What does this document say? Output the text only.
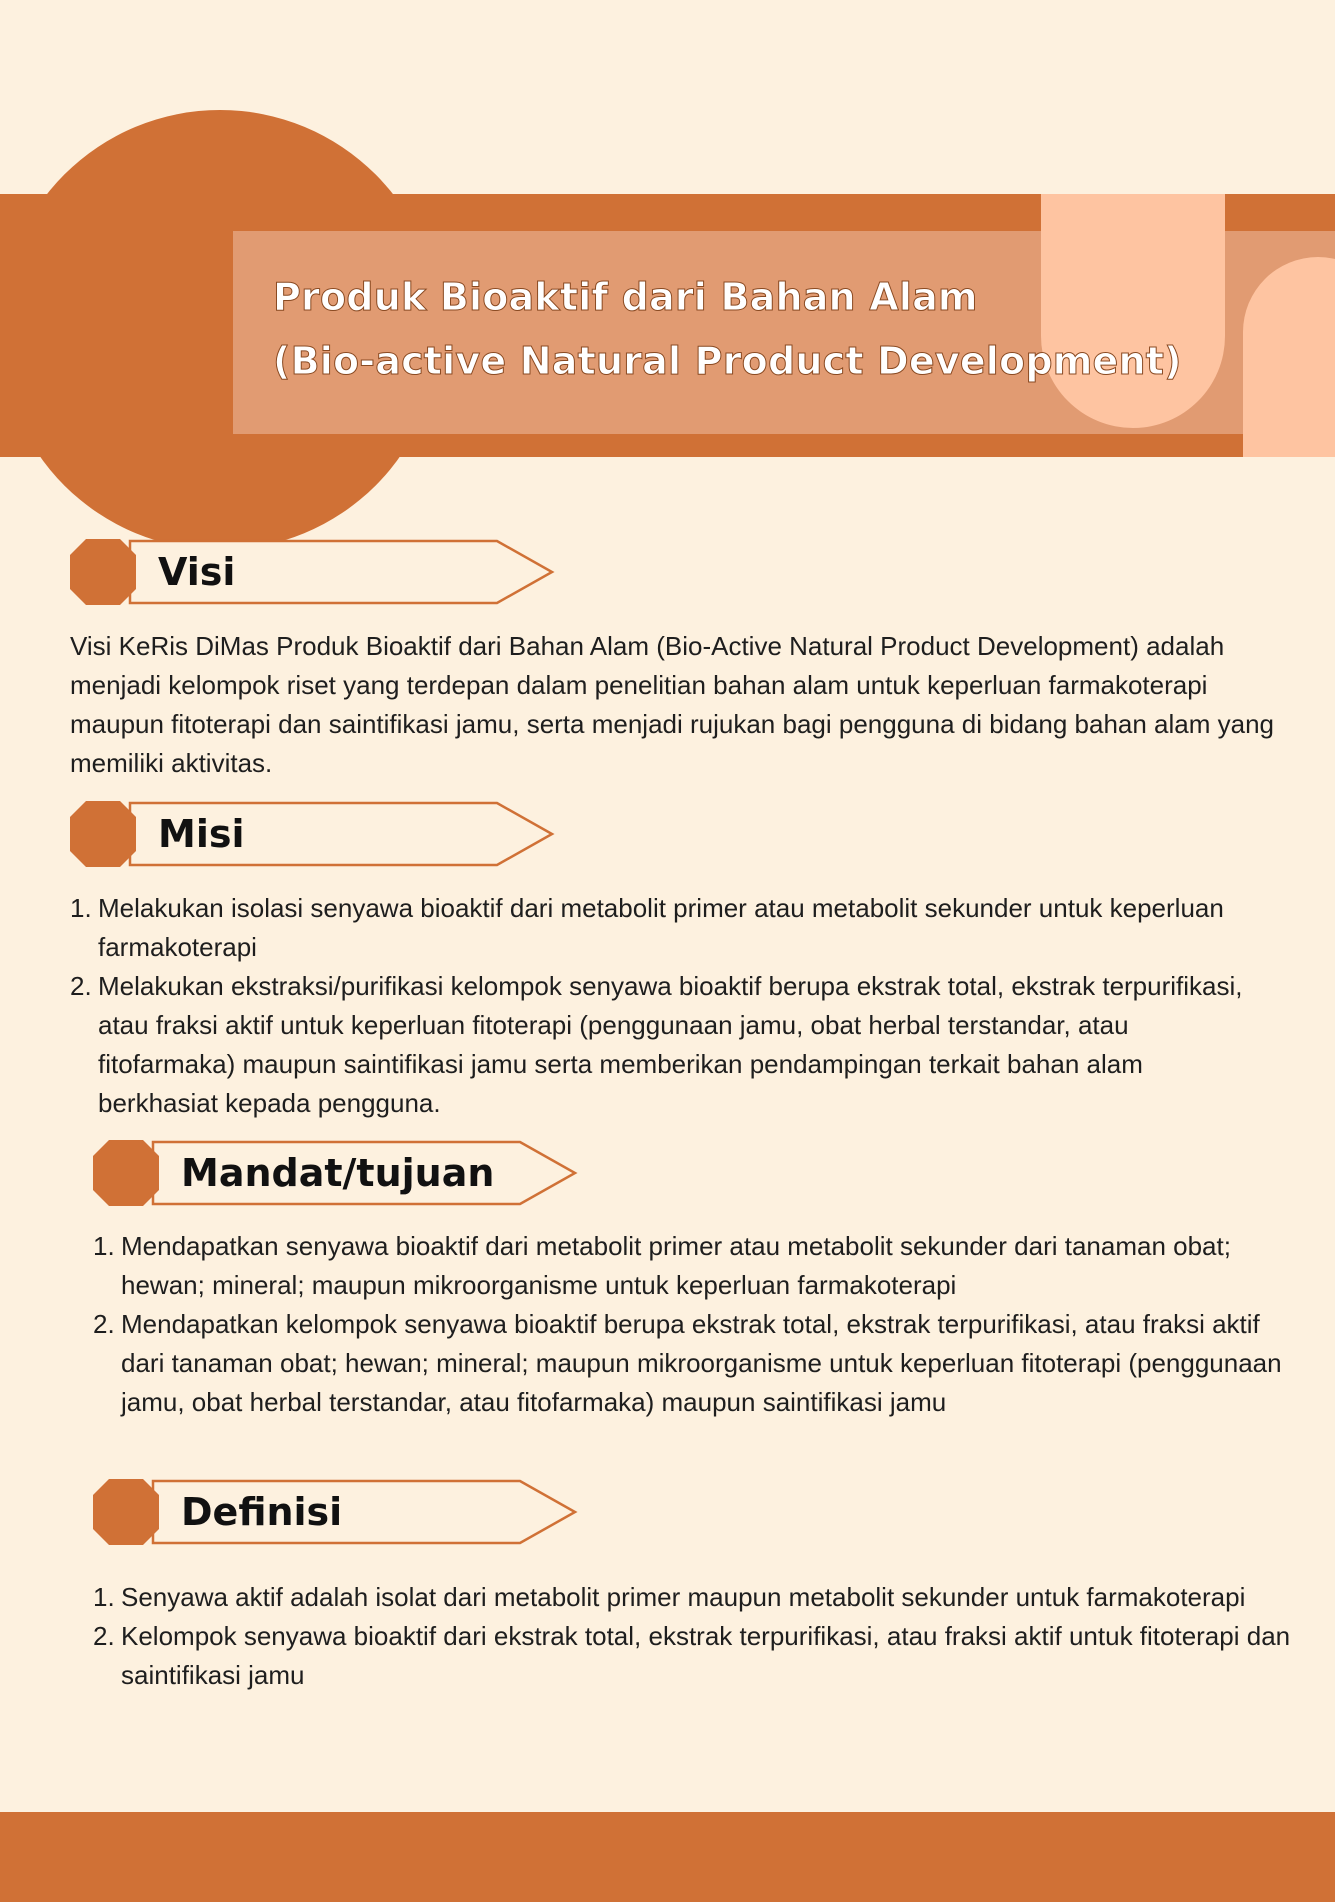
Produk Bioaktif dari Bahan Alam
(Bio-active Natural Product Development)
Visi

Visi KeRis DiMas Produk Bioaktif dari Bahan Alam (Bio-Active Natural Product Development) adalah menjadi kelompok riset yang terdepan dalam penelitian bahan alam untuk keperluan farmakoterapi maupun fitoterapi dan saintifikasi jamu, serta menjadi rujukan bagi pengguna di bidang bahan alam yang memiliki aktivitas.

Misi
1. Melakukan isolasi senyawa bioaktif dari metabolit primer atau metabolit sekunder untuk keperluan farmakoterapi
2. Melakukan ekstraksi/purifikasi kelompok senyawa bioaktif berupa ekstrak total, ekstrak terpurifikasi, atau fraksi aktif untuk keperluan fitoterapi (penggunaan jamu, obat herbal terstandar, atau fitofarmaka) maupun saintifikasi jamu serta memberikan pendampingan terkait bahan alam berkhasiat kepada pengguna.
Mandat/tujuan
1. Mendapatkan senyawa bioaktif dari metabolit primer atau metabolit sekunder dari tanaman obat; hewan; mineral; maupun mikroorganisme untuk keperluan farmakoterapi
2. Mendapatkan kelompok senyawa bioaktif berupa ekstrak total, ekstrak terpurifikasi, atau fraksi aktif dari tanaman obat; hewan; mineral; maupun mikroorganisme untuk keperluan fitoterapi (penggunaan jamu, obat herbal terstandar, atau fitofarmaka) maupun saintifikasi jamu
Definisi
1. Senyawa aktif adalah isolat dari metabolit primer maupun metabolit sekunder untuk farmakoterapi
2. Kelompok senyawa bioaktif dari ekstrak total, ekstrak terpurifikasi, atau fraksi aktif untuk fitoterapi dan saintifikasi jamu
